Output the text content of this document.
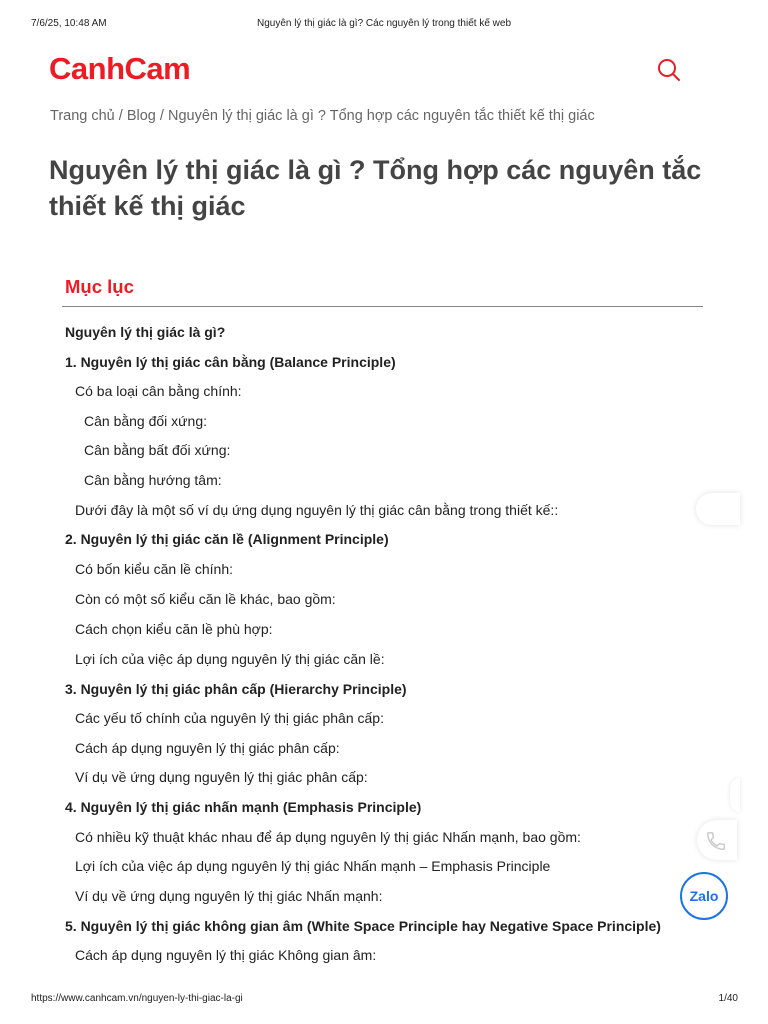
7/6/25, 10:48 AM	Nguyên lý thị giác là gì? Các nguyên lý trong thiết kế web
CanhCam
Trang chủ / Blog / Nguyên lý thị giác là gì ? Tổng hợp các nguyên tắc thiết kế thị giác
Nguyên lý thị giác là gì ? Tổng hợp các nguyên tắc thiết kế thị giác
Mục lục
Nguyên lý thị giác là gì?
1. Nguyên lý thị giác cân bằng (Balance Principle)
Có ba loại cân bằng chính:
Cân bằng đối xứng:
Cân bằng bất đối xứng:
Cân bằng hướng tâm:
Dưới đây là một số ví dụ ứng dụng nguyên lý thị giác cân bằng trong thiết kế::
2. Nguyên lý thị giác căn lề (Alignment Principle)
Có bốn kiểu căn lề chính:
Còn có một số kiểu căn lề khác, bao gồm:
Cách chọn kiểu căn lề phù hợp:
Lợi ích của việc áp dụng nguyên lý thị giác căn lề:
3. Nguyên lý thị giác phân cấp (Hierarchy Principle)
Các yếu tố chính của nguyên lý thị giác phân cấp:
Cách áp dụng nguyên lý thị giác phân cấp:
Ví dụ về ứng dụng nguyên lý thị giác phân cấp:
4. Nguyên lý thị giác nhấn mạnh (Emphasis Principle)
Có nhiều kỹ thuật khác nhau để áp dụng nguyên lý thị giác Nhấn mạnh, bao gồm:
Lợi ích của việc áp dụng nguyên lý thị giác Nhấn mạnh – Emphasis Principle
Ví dụ về ứng dụng nguyên lý thị giác Nhấn mạnh:
5. Nguyên lý thị giác không gian âm (White Space Principle hay Negative Space Principle)
Cách áp dụng nguyên lý thị giác Không gian âm:
Zalo
https://www.canhcam.vn/nguyen-ly-thi-giac-la-gi	1/40
